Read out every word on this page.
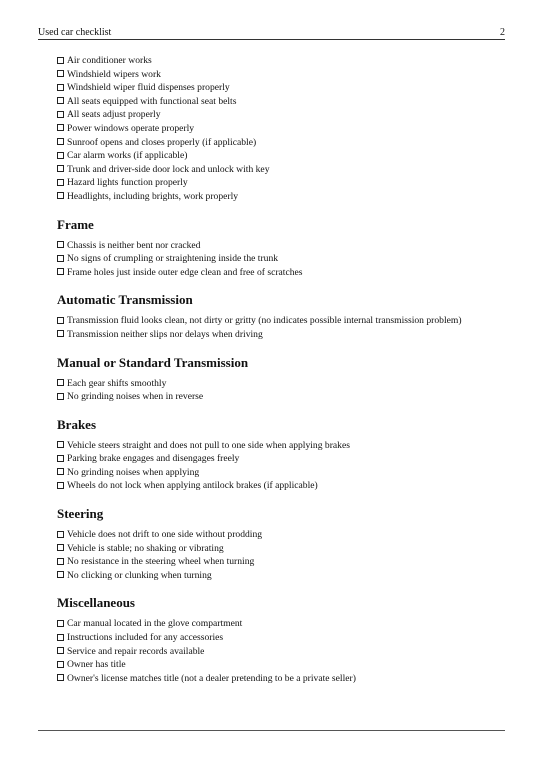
Used car checklist	2
Air conditioner works
Windshield wipers work
Windshield wiper fluid dispenses properly
All seats equipped with functional seat belts
All seats adjust properly
Power windows operate properly
Sunroof opens and closes properly (if applicable)
Car alarm works (if applicable)
Trunk and driver-side door lock and unlock with key
Hazard lights function properly
Headlights, including brights, work properly
Frame
Chassis is neither bent nor cracked
No signs of crumpling or straightening inside the trunk
Frame holes just inside outer edge clean and free of scratches
Automatic Transmission
Transmission fluid looks clean, not dirty or gritty (no indicates possible internal transmission problem)
Transmission neither slips nor delays when driving
Manual or Standard Transmission
Each gear shifts smoothly
No grinding noises when in reverse
Brakes
Vehicle steers straight and does not pull to one side when applying brakes
Parking brake engages and disengages freely
No grinding noises when applying
Wheels do not lock when applying antilock brakes (if applicable)
Steering
Vehicle does not drift to one side without prodding
Vehicle is stable; no shaking or vibrating
No resistance in the steering wheel when turning
No clicking or clunking when turning
Miscellaneous
Car manual located in the glove compartment
Instructions included for any accessories
Service and repair records available
Owner has title
Owner's license matches title (not a dealer pretending to be a private seller)
